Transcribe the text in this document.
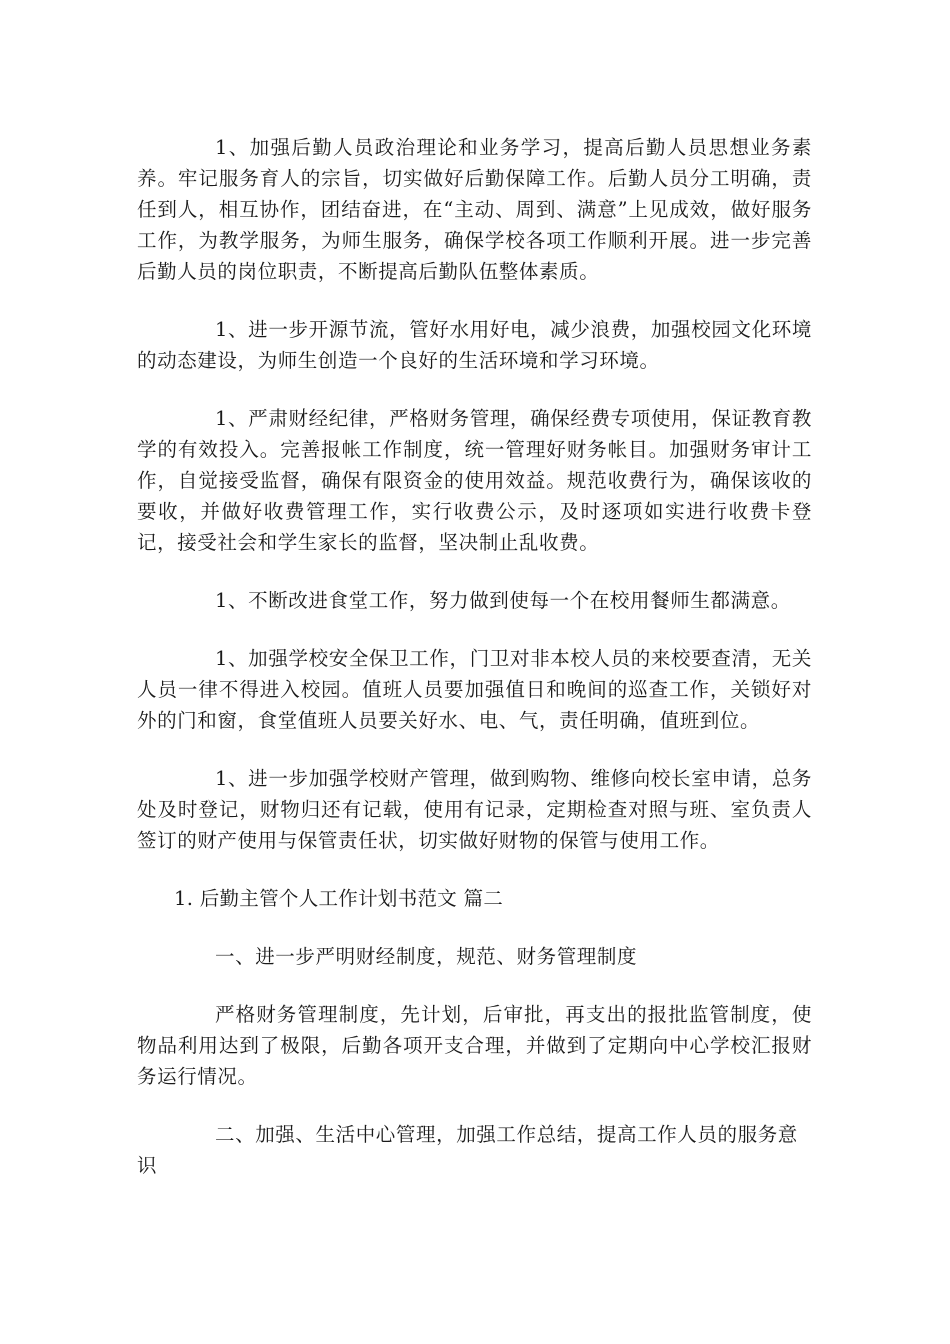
1、加强后勤人员政治理论和业务学习，提高后勤人员思想业务素养。牢记服务育人的宗旨，切实做好后勤保障工作。后勤人员分工明确，责任到人，相互协作，团结奋进，在“主动、周到、满意”上见成效，做好服务工作，为教学服务，为师生服务，确保学校各项工作顺利开展。进一步完善后勤人员的岗位职责，不断提高后勤队伍整体素质。

1、进一步开源节流，管好水用好电，减少浪费，加强校园文化环境的动态建设，为师生创造一个良好的生活环境和学习环境。

1、严肃财经纪律，严格财务管理，确保经费专项使用，保证教育教学的有效投入。完善报帐工作制度，统一管理好财务帐目。加强财务审计工作，自觉接受监督，确保有限资金的使用效益。规范收费行为，确保该收的要收，并做好收费管理工作，实行收费公示，及时逐项如实进行收费卡登记，接受社会和学生家长的监督，坚决制止乱收费。

1、不断改进食堂工作，努力做到使每一个在校用餐师生都满意。

1、加强学校安全保卫工作，门卫对非本校人员的来校要查清，无关人员一律不得进入校园。值班人员要加强值日和晚间的巡查工作，关锁好对外的门和窗，食堂值班人员要关好水、电、气，责任明确，值班到位。

1、进一步加强学校财产管理，做到购物、维修向校长室申请，总务处及时登记，财物归还有记载，使用有记录，定期检查对照与班、室负责人签订的财产使用与保管责任状，切实做好财物的保管与使用工作。

1. 后勤主管个人工作计划书范文 篇二

一、进一步严明财经制度，规范、财务管理制度

严格财务管理制度，先计划，后审批，再支出的报批监管制度，使物品利用达到了极限，后勤各项开支合理，并做到了定期向中心学校汇报财务运行情况。

二、加强、生活中心管理，加强工作总结，提高工作人员的服务意识
